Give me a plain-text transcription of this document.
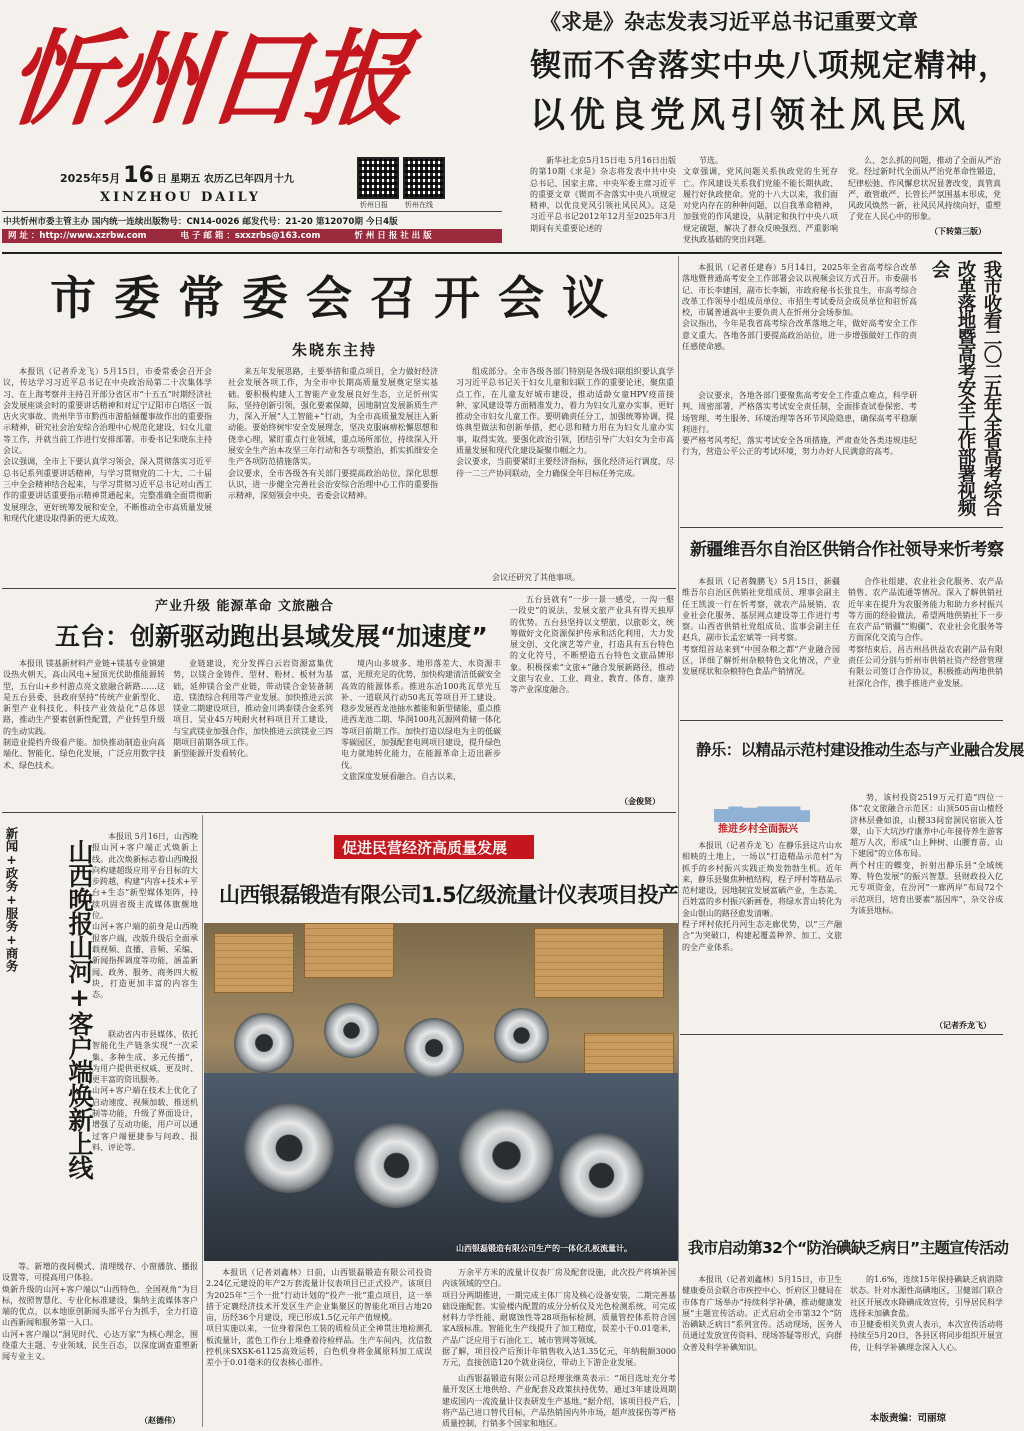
忻州日报
2025年5月 16 日 星期五 农历乙巳年四月十九
XINZHOU DAILY	忻州日报 忻州在线
中共忻州市委主管主办 国内统一连续出版物号：CN14-0026 邮发代号：21-20 第12070期 今日4版
网 址 ：http://www.xzrbw.com	电 子 邮 箱 ：sxxzrbs@163.com	忻 州 日 报 社 出 版
《求是》杂志发表习近平总书记重要文章
锲而不舍落实中央八项规定精神，
以优良党风引领社风民风

新华社北京5月15日电 5月16日出版的第10期《求是》杂志将发表中共中央总书记、国家主席、中央军委主席习近平的重要文章《锲而不舍落实中央八项规定精神，以优良党风引领社风民风》。这是习近平总书记2012年12月至2025年3月期间有关重要论述的

节选。
文章强调，党风问题关系执政党的生死存亡。作风建设关系我们党能不能长期执政、履行好执政使命。党的十八大以来，我们面对党内存在的种种问题，以自我革命精神，加强党的作风建设，从制定和执行中央八项规定破题，解决了群众反映强烈、严重影响党执政基础的突出问题。

么、怎么抓的问题，推动了全面从严治党。经过新时代全面从严治党革命性锻造，纪律松弛、作风懈怠状况显著改变，真管真严、敢管敢严、长管长严氛围基本形成，党风政风焕然一新，社风民风持续向好，重塑了党在人民心中的形象。

（下转第三版）
市委常委会召开会议
朱晓东主持

本报讯（记者乔龙飞）5月15日，市委常委会召开会议，传达学习习近平总书记在中央政治局第二十次集体学习、在上海考察并主持召开部分省区市“十五五”时期经济社会发展座谈会时的重要讲话精神和对辽宁辽阳市白塔区一饭店火灾事故、贵州毕节市黔西市游船倾覆事故作出的重要指示精神，研究社会治安综合治理中心规范化建设、妇女儿童等工作，并就当前工作进行安排部署。市委书记朱晓东主持会议。
会议强调，全市上下要认真学习领会，深入贯彻落实习近平总书记系列重要讲话精神，与学习贯彻党的二十大、二十届三中全会精神结合起来，与学习贯彻习近平总书记对山西工作的重要讲话重要指示精神贯通起来，完整准确全面贯彻新发展理念，更好统筹发展和安全，不断推动全市高质量发展和现代化建设取得新的更大成效。

来五年发展思路，主要举措和重点项目，全力做好经济社会发展各项工作，为全市中长期高质量发展奠定坚实基础。要积极构建人工智能产业发展良好生态，立足忻州实际，坚持创新引领，强化要素保障，因地制宜发展新质生产力，深入开展“人工智能+”行动，为全市高质量发展注入新动能。要始终树牢安全发展理念，坚决克服麻痹松懈思想和侥幸心理，紧盯重点行业领域，重点场所部位，持续深入开展安全生产治本攻坚三年行动和各专项整治，抓实抓细安全生产各项防范措施落实。
会议要求，全市各级各有关部门要提高政治站位，深化思想认识，进一步健全完善社会治安综合治理中心工作的重要指示精神，深刻领会中央、省委会议精神。

组成部分。全市各级各部门特别是各级妇联组织要认真学习习近平总书记关于妇女儿童和妇联工作的重要论述，聚焦重点工作，在儿童友好城市建设，推动适龄女童HPV疫苗接种、家风建设等方面精准发力，着力为妇女儿童办实事，更好推动全市妇女儿童工作。要明确责任分工，加强统筹协调，提炼典型做法和创新举措，把心思和精力用在为妇女儿童办实事，取得实效。要强化政治引领，团结引导广大妇女为全市高质量发展和现代化建设凝聚巾帼之力。
会议要求，当前要紧盯主要经济指标，强化经济运行调度，尽待一二三产协同联动，全力确保全年目标任务完成。

会议还研究了其他事项。

本报讯（记者任建春）5月14日，2025年全省高考综合改革落地暨普通高考安全工作部署会议以视频会议方式召开。市委副书记、市长李建国，副市长李颖，市政府秘书长张良生，市高考综合改革工作领导小组成员单位、市招生考试委员会成员单位和驻忻高校，市属普通高中主要负责人在忻州分会场参加。
会议指出，今年是我省高考综合改革落地之年，做好高考安全工作意义重大。各地各部门要提高政治站位，进一步增强做好工作的责任感使命感。

会议要求，各地各部门要聚焦高考安全工作重点难点，科学研判、周密部署，严格落实考试安全责任制，全面排查试卷保密、考场管理、考生服务、环境治理等各环节风险隐患，确保高考平稳顺利进行。
要严格考风考纪，落实考试安全各项措施，严肃查处各类违规违纪行为，营造公平公正的考试环境，努力办好人民满意的高考。	我市收看二〇二五年全省高考综合改革落地暨高考安全工作部署视频会
新疆维吾尔自治区供销合作社领导来忻考察

本报讯（记者魏鹏飞）5月15日，新疆维吾尔自治区供销社党组成员、理事会副主任王凯波一行在忻考察，就农产品展销、农业社会化服务、基层网点建设等工作进行考察。山西省供销社党组成员、监事会副主任赵兵，副市长孟宏斌等一同考察。
考察组首站来到“中国杂粮之都”产业融合园区，详细了解忻州杂粮特色文化情况，产业发展现状和杂粮特色食品产销情况。

合作社组建、农业社会化服务、农产品销售、农产品流通等情况。深入了解供销社近年来在提升为农服务能力和助力乡村振兴等方面的经验做法，希望两地供销社下一步在农产品“销疆”“购疆”、农业社会化服务等方面深化交流与合作。
考察结束后，昌吉州昌供益农农副产品有限责任公司分别与忻州市供销社资产经营管理有限公司签订合作协议，积极推动两地供销社深化合作，携手推进产业发展。

产业升级 能源革命 文旅融合
五台：创新驱动跑出县域发展“加速度”

本报讯 镁基新材料产业链+镁基专业镇建设热火朝天，高山风电+屋顶光伏助推能源转型，五台山+乡村游点亮文旅融合新路……这是五台县委、县政府坚持“传统产业新型化、新型产业科技化、科技产业效益化”总体思路，推动生产要素创新性配置，产业转型升级的生动实践。
制造业提档升级看产能。加快推动制造业向高端化、智能化、绿色化发展，广泛应用数字技术、绿色技术。

业链建设，充分发挥白云岩资源富集优势，以镁合金铸件、型材、粉材、板材为基础，延伸镁合金产业链，带动镁合金装备制造、镁渣综合利用等产业发展。加快推进云滨镁业二期建设项目，推动金川鸿泰镁合金系列项目、吴业45万吨耐火材料项目开工建设，与宝武镁业加强合作，加快推进云滨镁业三四期项目前期各项工作。
新型能源开发看转化。

境内山多坡多、地形落差大、水资源丰富，光照充足的优势，加快构建清洁低碳安全高效的能源体系。推进东冶100兆瓦草光互补、一道联风行动50兆瓦等项目开工建设。稳步发展西龙池抽水蓄能和新型储能，重点推进西龙池二期、华润100兆瓦源网荷储一体化等项目前期工作。加快打造以绿电为主的低碳零碳园区，加强配套电网项目建设，提升绿色电力就地转化能力，在能源革命上迈出新步伐。
文旅深度发展看融合。自古以来，

五台县就有“一步一景一感受，一沟一壑一段史”的说法，发展文旅产业具有得天独厚的优势。五台县坚持以文塑旅、以旅彰文，统筹做好文化资源保护传承和活化利用，大力发展文创、文化演艺等产业，打造具有五台特色的文化符号，不断塑造五台特色文旅品牌形象。积极探索“文旅+”融合发展新路径，推动文旅与农业、工业、商业、教育、体育、康养等产业深度融合。

（金俊贤）
静乐：以精品示范村建设推动生态与产业融合发展
推进乡村全面振兴

本报讯（记者乔龙飞）在静乐县这片山水相映的土地上，一场以“打造精品示范村”为抓手的乡村振兴实践正焕发勃勃生机。近年来，静乐县聚焦种植结构，程子坪村等精品示范村建设，因地制宜发展富硒产业，生态美、百姓富的乡村振兴新画卷，将绿水青山转化为金山银山的路径愈发清晰。
程子坪村依托丹河生态走廊优势，以“三产融合”为突破口，构建起覆盖种养、加工、文旅的全产业体系。

势，该村投资2519万元打造“四位一体”农文旅融合示范区：山顶505亩山楂经济林层叠如浪，山腰33间窑洞民宿嵌入苍翠，山下大坑沙疗康养中心年接待养生游客超万人次，形成“山上种树、山腰育苗、山下建园”的立体布局。
两个村庄的蝶变，折射出静乐县“全域统筹、特色发展”的振兴智慧。县财政投入亿元专项资金，在汾河“一廊两岸”布局72个示范项目，培育出要素“基因库”，杂交谷成为该县地标。

（记者乔龙飞）
新闻+政务+服务+商务	山西晚报山河+客户端焕新上线

本报讯 5月16日，山西晚报山河+客户端正式焕新上线。此次焕新标志着山西晚报向构建超级应用平台目标的大步跨越，构建“内容+技术+平台+生态”新型媒体矩阵，持续巩固省级主流媒体旗舰地位。
山河+客户端的前身是山西晚报客户端，改版升级后全面承载视频、直播、音频、采编、新闻指挥调度等功能，涵盖新闻、政务、服务、商务四大板块，打造更加丰富的内容生态。

联动省内市县媒体，依托智能化生产链条实现“一次采集、多种生成、多元传播”，为用户提供更权威、更及时、更丰富的资讯服务。
山河+客户端在技术上优化了启动速度、视频加载、推送机制等功能，升级了界面设计，增强了互动功能，用户可以通过客户端便捷参与问政、报料、评论等。

等。新增的夜间模式、清理缓存、小窗播放、播报设置等，可提高用户体验。
焕新升级的山河+客户端以“山西特色、全国视角”为目标，按照智慧化、专业化标准建设，集纳主流媒体客户端的优点，以本地原创新闻头部平台为抓手，全力打造山西新闻和服务第一入口。
山河+客户端以“洞见时代、心达万家”为核心理念，围绕重大主题、专业领域、民生百态，以深度调查重塑新闻专业主义。

（赵德伟）
促进民营经济高质量发展
山西银磊锻造有限公司1.5亿级流量计仪表项目投产
山西银磊锻造有限公司生产的一体化孔板流量计。

本报讯（记者刘鑫林）日前，山西银磊锻造有限公司投资2.24亿元建设的年产2万套流量计仪表项目已正式投产。该项目为2025年“三个一批”行动计划的“投产一批”重点项目，这一举措于定襄经济技术开发区生产企业集聚区的智能化项目占地20亩，历经36个月建设，现已形成1.5亿元年产值规模。
项目实施以来，一位身着深色工装的质检员正全神贯注地检测孔板流量计，蓝色工作台上堆叠着待检样品。生产车间内，沈信数控机床SXSK-61125高效运转，白色机身将金属原料加工成误差小于0.01毫米的仪表核心部件。

万余平方米的流量计仪表厂房及配套设施，此次投产将填补国内该领域的空白。
项目分两期推进，一期完成主体厂房及核心设备安装，二期完善基础设施配套。实验楼内配置的成分分析仪及光色检测系统，可完成材料力学性能、耐腐蚀性等28项指标检测，质量管控体系符合国家A级标准。智能化生产线提升了加工精度，误差小于0.01毫米，产品广泛应用于石油化工、城市管网等领域。
据了解，项目投产后预计年销售收入达1.35亿元，年纳税额3000万元，直接创造120个就业岗位，带动上下游企业发展。

山西银磊锻造有限公司总经理张继英表示：“项目选址充分考量开发区土地供给、产业配套及政策扶持优势，通过3年建设周期建成国内一流流量计仪表研发生产基地。”据介绍，该项目投产后，将产品已进口替代目标，产品热销国内外市场，超声波探伤等严格质量控制，行销多个国家和地区。

我市启动第32个“防治碘缺乏病日”主题宣传活动

本报讯（记者刘鑫林）5月15日，市卫生健康委员会联合市疾控中心、忻府区卫健局在市体育广场举办“持续科学补碘，推动健康发展”主题宣传活动。正式启动全市第32个“防治碘缺乏病日”系列宣传。活动现场，医务人员通过发放宣传资料、现场答疑等形式，向群众普及科学补碘知识。

的1.6%，连续15年保持碘缺乏病消除状态。针对水源性高碘地区，卫健部门联合社区开展改水降碘成效宣传，引导居民科学选择未加碘食盐。
市卫健委相关负责人表示，本次宣传活动将持续至5月20日，各县区将同步组织开展宣传，让科学补碘理念深入人心。

本版责编：司丽琼
